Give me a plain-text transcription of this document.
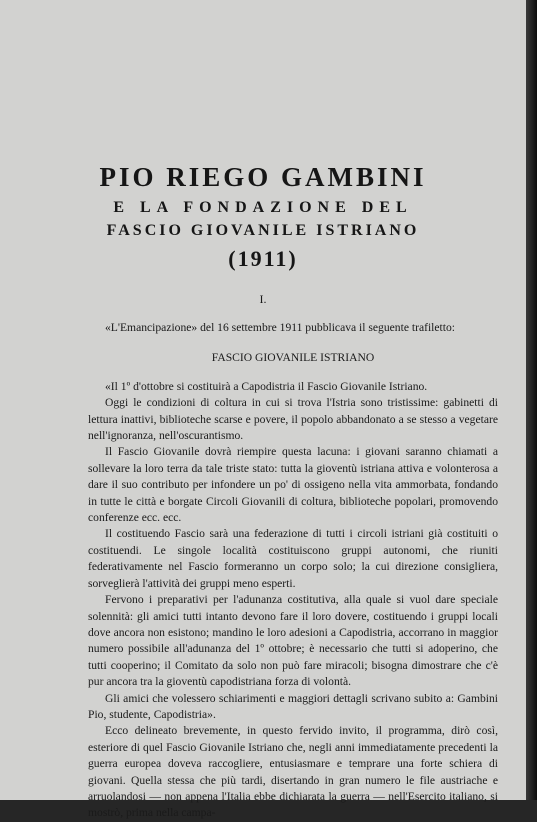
PIO RIEGO GAMBINI
E LA FONDAZIONE DEL
FASCIO GIOVANILE ISTRIANO
(1911)
I.

«L'Emancipazione» del 16 settembre 1911 pubblicava il seguente trafiletto:

FASCIO GIOVANILE ISTRIANO

«Il 1º d'ottobre si costituirà a Capodistria il Fascio Giovanile Istriano.

Oggi le condizioni di coltura in cui si trova l'Istria sono tristissime: gabinetti di lettura inattivi, biblioteche scarse e povere, il popolo abbandonato a se stesso a vegetare nell'ignoranza, nell'oscurantismo.

Il Fascio Giovanile dovrà riempire questa lacuna: i giovani saranno chiamati a sollevare la loro terra da tale triste stato: tutta la gioventù istriana attiva e volonterosa a dare il suo contributo per infondere un po' di ossigeno nella vita ammorbata, fondando in tutte le città e borgate Circoli Giovanili di coltura, biblioteche popolari, promovendo conferenze ecc. ecc.

Il costituendo Fascio sarà una federazione di tutti i circoli istriani già costituiti o costituendi. Le singole località costituiscono gruppi autonomi, che riuniti federativamente nel Fascio formeranno un corpo solo; la cui direzione consigliera, sorveglierà l'attività dei gruppi meno esperti.

Fervono i preparativi per l'adunanza costitutiva, alla quale si vuol dare speciale solennità: gli amici tutti intanto devono fare il loro dovere, costituendo i gruppi locali dove ancora non esistono; mandino le loro adesioni a Capodistria, accorrano in maggior numero possibile all'adunanza del 1º ottobre; è necessario che tutti si adoperino, che tutti cooperino; il Comitato da solo non può fare miracoli; bisogna dimostrare che c'è pur ancora tra la gioventù capodistriana forza di volontà.

Gli amici che volessero schiarimenti e maggiori dettagli scrivano subito a: Gambini Pio, studente, Capodistria».

Ecco delineato brevemente, in questo fervido invito, il programma, dirò così, esteriore di quel Fascio Giovanile Istriano che, negli anni immediatamente precedenti la guerra europea doveva raccogliere, entusiasmare e temprare una forte schiera di giovani. Quella stessa che più tardi, disertando in gran numero le file austriache e arruolandosi — non appena l'Italia ebbe dichiarata la guerra — nell'Esercito italiano, si mostrò, prima nella campa-
